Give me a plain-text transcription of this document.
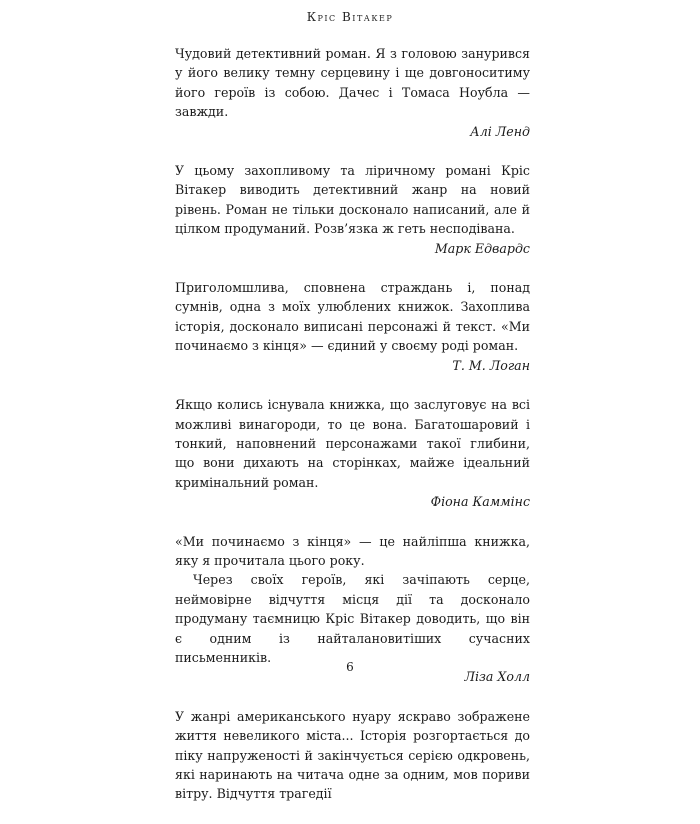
Кріс Вітакер

Чудовий детективний роман. Я з головою занурився у його велику темну серцевину і ще довгоноситиму його героїв із собою. Дачес і Томаса Ноубла — завжди.

Алі Ленд

У цьому захопливому та ліричному романі Кріс Вітакер виводить детективний жанр на новий рівень. Роман не тільки досконало написаний, але й цілком продуманий. Розв’язка ж геть несподівана.

Марк Едвардс

Приголомшлива, сповнена страждань і, понад сумнів, одна з моїх улюблених книжок. Захоплива історія, досконало виписані персонажі й текст. «Ми починаємо з кінця» — єдиний у своєму роді роман.

Т. М. Логан

Якщо колись існувала книжка, що заслуговує на всі можливі винагороди, то це вона. Багатошаровий і тонкий, наповнений персонажами такої глибини, що вони дихають на сторінках, майже ідеальний кримінальний роман.

Фіона Каммінс

«Ми починаємо з кінця» — це найліпша книжка, яку я прочитала цього року.

Через своїх героїв, які зачіпають серце, неймовірне відчуття місця дії та досконало продуману таємницю Кріс Вітакер доводить, що він є одним із найталановитіших сучасних письменників.

Ліза Холл

У жанрі американського нуару яскраво зображене життя невеликого міста... Історія розгортається до піку напруженості й закінчується серією одкровень, які наринають на читача одне за одним, мов пориви вітру. Відчуття трагедії

6
